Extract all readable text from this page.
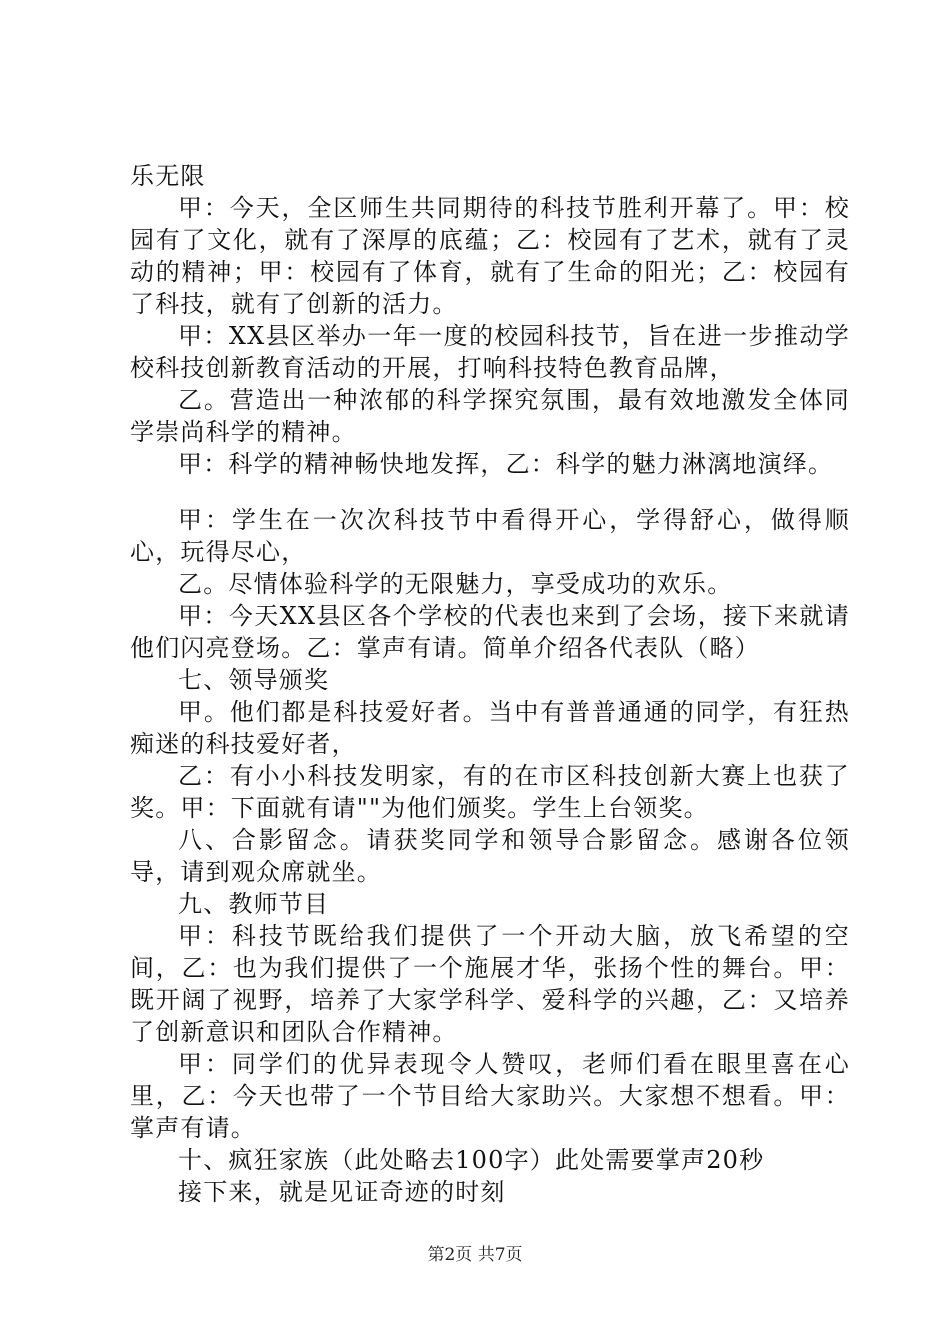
乐无限

甲：今天，全区师生共同期待的科技节胜利开幕了。甲：校园有了文化，就有了深厚的底蕴；乙：校园有了艺术，就有了灵动的精神；甲：校园有了体育，就有了生命的阳光；乙：校园有了科技，就有了创新的活力。

甲：XX县区举办一年一度的校园科技节，旨在进一步推动学校科技创新教育活动的开展，打响科技特色教育品牌，

乙。营造出一种浓郁的科学探究氛围，最有效地激发全体同学崇尚科学的精神。

甲：科学的精神畅快地发挥，乙：科学的魅力淋漓地演绎。

甲：学生在一次次科技节中看得开心，学得舒心，做得顺心，玩得尽心，

乙。尽情体验科学的无限魅力，享受成功的欢乐。

甲：今天XX县区各个学校的代表也来到了会场，接下来就请他们闪亮登场。乙：掌声有请。简单介绍各代表队（略）

七、领导颁奖

甲。他们都是科技爱好者。当中有普普通通的同学，有狂热痴迷的科技爱好者，

乙：有小小科技发明家，有的在市区科技创新大赛上也获了奖。甲：下面就有请""为他们颁奖。学生上台领奖。

八、合影留念。请获奖同学和领导合影留念。感谢各位领导，请到观众席就坐。

九、教师节目

甲：科技节既给我们提供了一个开动大脑，放飞希望的空间，乙：也为我们提供了一个施展才华，张扬个性的舞台。甲：既开阔了视野，培养了大家学科学、爱科学的兴趣，乙：又培养了创新意识和团队合作精神。

甲：同学们的优异表现令人赞叹，老师们看在眼里喜在心里，乙：今天也带了一个节目给大家助兴。大家想不想看。甲：掌声有请。

十、疯狂家族（此处略去100字）此处需要掌声20秒

接下来，就是见证奇迹的时刻

第2页 共7页
